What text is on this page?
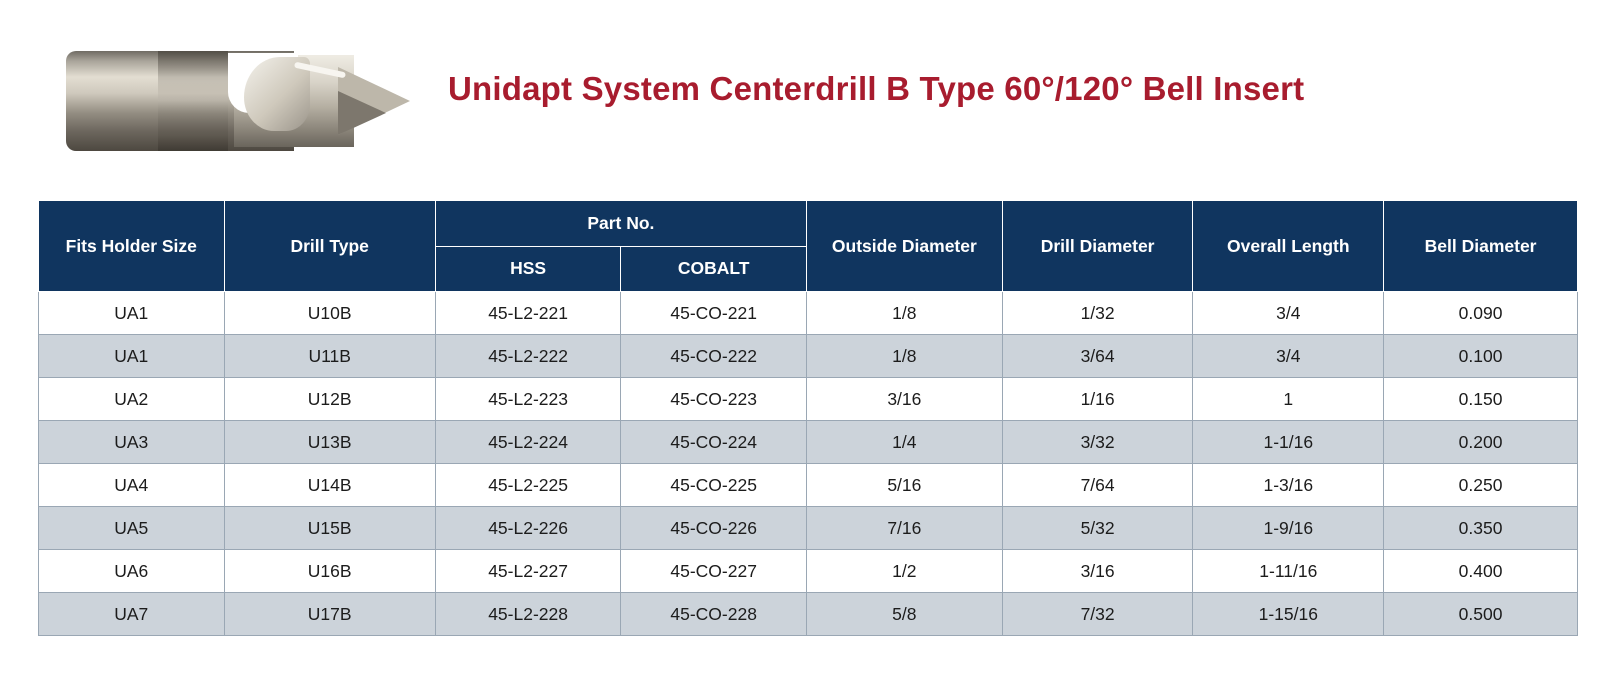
Unidapt System Centerdrill B Type 60°/120° Bell Insert
Fits Holder Size	Drill Type	Part No.		Outside Diameter	Drill Diameter	Overall Length	Bell Diameter
		HSS	COBALT				
UA1	U10B	45-L2-221	45-CO-221	1/8	1/32	3/4	0.090
UA1	U11B	45-L2-222	45-CO-222	1/8	3/64	3/4	0.100
UA2	U12B	45-L2-223	45-CO-223	3/16	1/16	1	0.150
UA3	U13B	45-L2-224	45-CO-224	1/4	3/32	1-1/16	0.200
UA4	U14B	45-L2-225	45-CO-225	5/16	7/64	1-3/16	0.250
UA5	U15B	45-L2-226	45-CO-226	7/16	5/32	1-9/16	0.350
UA6	U16B	45-L2-227	45-CO-227	1/2	3/16	1-11/16	0.400
UA7	U17B	45-L2-228	45-CO-228	5/8	7/32	1-15/16	0.500
